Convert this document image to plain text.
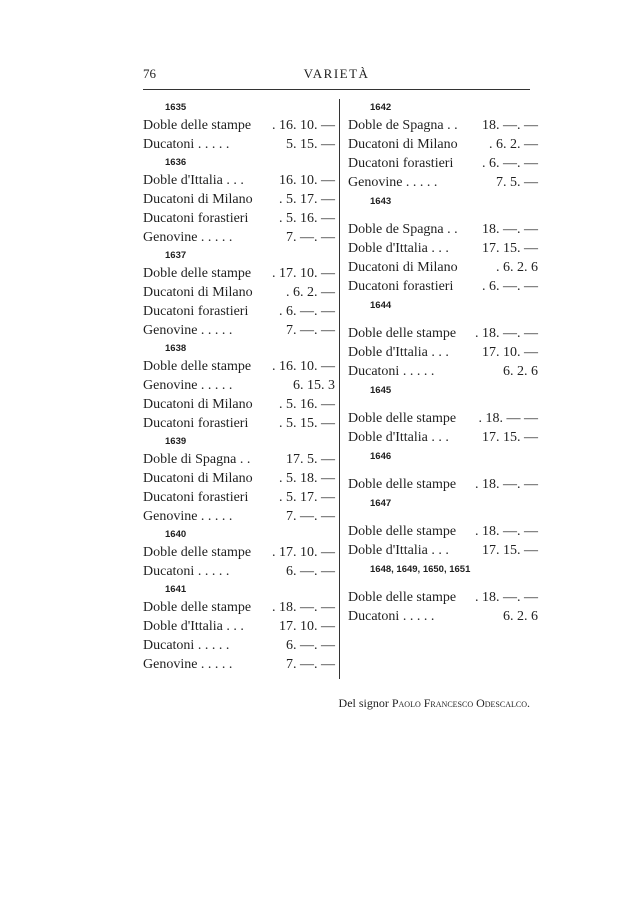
76	VARIETÀ
1635
Doble delle stampe . 16. 10. —
Ducatoni . . . . .	5. 15. —
1636
Doble d'Ittalia . . .	16. 10. —
Ducatoni di Milano . 5. 17. —
Ducatoni forastieri . 5. 16. —
Genovine . . . . .	7. —. —
1637
Doble delle stampe . 17. 10. —
Ducatoni di Milano . 6. 2. —
Ducatoni forastieri . 6. —. —
Genovine . . . . .	7. —. —
1638
Doble delle stampe . 16. 10. —
Genovine . . . . .	6. 15. 3
Ducatoni di Milano . 5. 16. —
Ducatoni forastieri . 5. 15. —
1639
Doble di Spagna . .	17. 5. —
Ducatoni di Milano . 5. 18. —
Ducatoni forastieri . 5. 17. —
Genovine . . . . .	7. —. —
1640
Doble delle stampe . 17. 10. —
Ducatoni . . . . .	6. —. —
1641
Doble delle stampe . 18. —. —
Doble d'Ittalia . . .	17. 10. —
Ducatoni . . . . .	6. —. —
Genovine . . . . .	7. —. —
1642
Doble de Spagna . . 18. —. —
Ducatoni di Milano . 6. 2. —
Ducatoni forastieri . 6. —. —
Genovine . . . . .	7. 5. —
1643
Doble de Spagna . . 18. —. —
Doble d'Ittalia . . . 17. 15. —
Ducatoni di Milano	. 6. 2. 6
Ducatoni forastieri . 6. —. —
1644
Doble delle stampe . 18. —. —
Doble d'Ittalia . . . 17. 10. —
Ducatoni . . . . .	6. 2. 6
1645
Doble delle stampe . 18. — —
Doble d'Ittalia . . . 17. 15. —
1646
Doble delle stampe . 18. —. —
1647
Doble delle stampe . 18. —. —
Doble d'Ittalia . . . 17. 15. —
1648, 1649, 1650, 1651
Doble delle stampe . 18. —. —
Ducatoni . . . . .	6. 2. 6
Del signor Paolo Francesco Odescalco.
